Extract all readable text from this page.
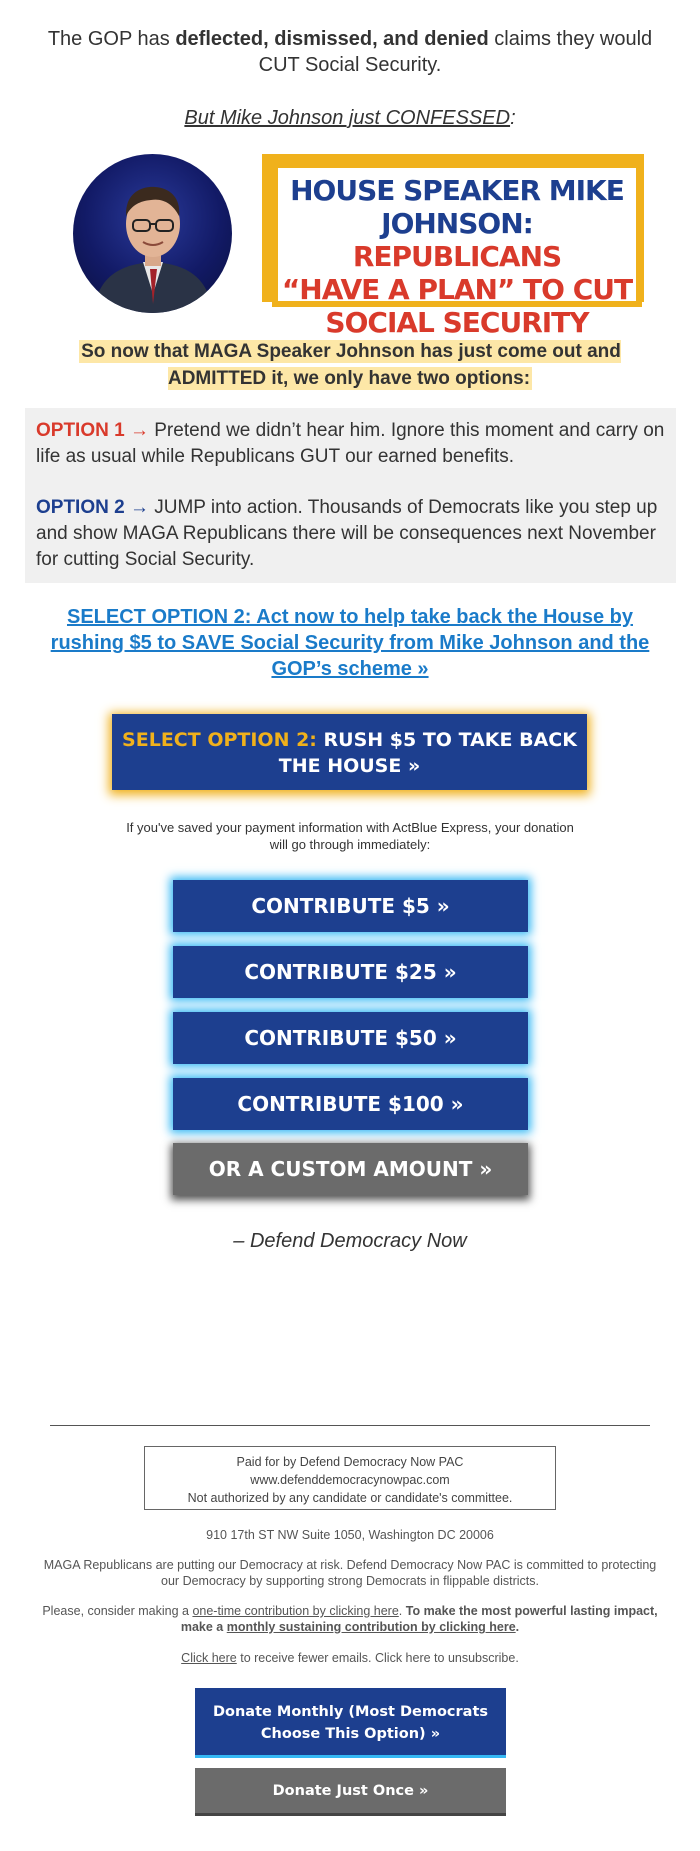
The GOP has deflected, dismissed, and denied claims they would CUT Social Security.
But Mike Johnson just CONFESSED:
HOUSE SPEAKER MIKE
JOHNSON: REPUBLICANS
“HAVE A PLAN” TO CUT
SOCIAL SECURITY
So now that MAGA Speaker Johnson has just come out and ADMITTED it, we only have two options:
OPTION 1 → Pretend we didn’t hear him. Ignore this moment and carry on life as usual while Republicans GUT our earned benefits.
OPTION 2 → JUMP into action. Thousands of Democrats like you step up and show MAGA Republicans there will be consequences next November for cutting Social Security.
SELECT OPTION 2: Act now to help take back the House by rushing $5 to SAVE Social Security from Mike Johnson and the GOP’s scheme »
SELECT OPTION 2: RUSH $5 TO TAKE BACK THE HOUSE »
If you've saved your payment information with ActBlue Express, your donation will go through immediately:
CONTRIBUTE $5 »
CONTRIBUTE $25 »
CONTRIBUTE $50 »
CONTRIBUTE $100 »
OR A CUSTOM AMOUNT »
– Defend Democracy Now
Paid for by Defend Democracy Now PAC
www.defenddemocracynowpac.com
Not authorized by any candidate or candidate's committee.
910 17th ST NW Suite 1050, Washington DC 20006
MAGA Republicans are putting our Democracy at risk. Defend Democracy Now PAC is committed to protecting our Democracy by supporting strong Democrats in flippable districts.
Please, consider making a one-time contribution by clicking here. To make the most powerful lasting impact, make a monthly sustaining contribution by clicking here.
Click here to receive fewer emails. Click here to unsubscribe.
Donate Monthly (Most Democrats Choose This Option) »
Donate Just Once »
